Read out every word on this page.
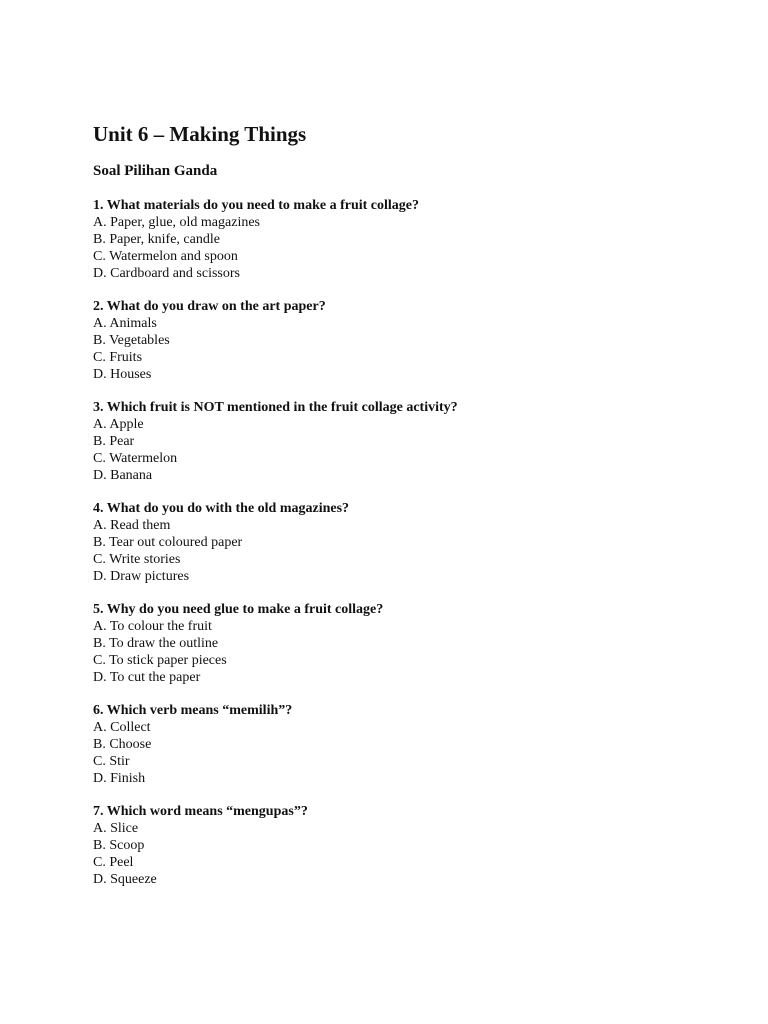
Unit 6 – Making Things
Soal Pilihan Ganda

1. What materials do you need to make a fruit collage?

A. Paper, glue, old magazines

B. Paper, knife, candle

C. Watermelon and spoon

D. Cardboard and scissors

2. What do you draw on the art paper?

A. Animals

B. Vegetables

C. Fruits

D. Houses

3. Which fruit is NOT mentioned in the fruit collage activity?

A. Apple

B. Pear

C. Watermelon

D. Banana

4. What do you do with the old magazines?

A. Read them

B. Tear out coloured paper

C. Write stories

D. Draw pictures

5. Why do you need glue to make a fruit collage?

A. To colour the fruit

B. To draw the outline

C. To stick paper pieces

D. To cut the paper

6. Which verb means “memilih”?

A. Collect

B. Choose

C. Stir

D. Finish

7. Which word means “mengupas”?

A. Slice

B. Scoop

C. Peel

D. Squeeze
